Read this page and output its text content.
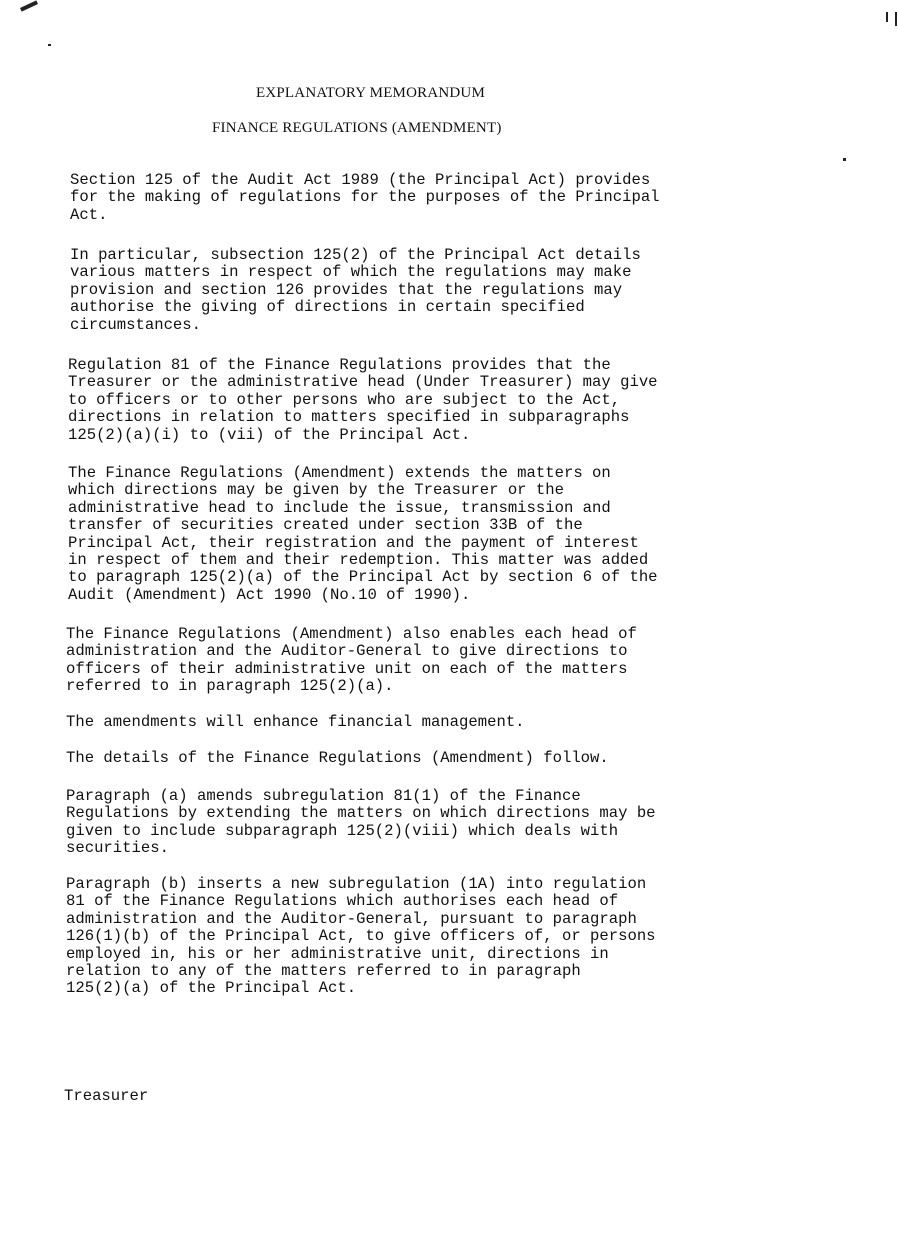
EXPLANATORY MEMORANDUM
FINANCE REGULATIONS (AMENDMENT)
Section 125 of the Audit Act 1989 (the Principal Act) provides
for the making of regulations for the purposes of the Principal
Act.
In particular, subsection 125(2) of the Principal Act details
various matters in respect of which the regulations may make
provision and section 126 provides that the regulations may
authorise the giving of directions in certain specified
circumstances.
Regulation 81 of the Finance Regulations provides that the
Treasurer or the administrative head (Under Treasurer) may give
to officers or to other persons who are subject to the Act,
directions in relation to matters specified in subparagraphs
125(2)(a)(i) to (vii) of the Principal Act.
The Finance Regulations (Amendment) extends the matters on
which directions may be given by the Treasurer or the
administrative head to include the issue, transmission and
transfer of securities created under section 33B of the
Principal Act, their registration and the payment of interest
in respect of them and their redemption. This matter was added
to paragraph 125(2)(a) of the Principal Act by section 6 of the
Audit (Amendment) Act 1990 (No.10 of 1990).
The Finance Regulations (Amendment) also enables each head of
administration and the Auditor-General to give directions to
officers of their administrative unit on each of the matters
referred to in paragraph 125(2)(a).
The amendments will enhance financial management.
The details of the Finance Regulations (Amendment) follow.
Paragraph (a) amends subregulation 81(1) of the Finance
Regulations by extending the matters on which directions may be
given to include subparagraph 125(2)(viii) which deals with
securities.
Paragraph (b) inserts a new subregulation (1A) into regulation
81 of the Finance Regulations which authorises each head of
administration and the Auditor-General, pursuant to paragraph
126(1)(b) of the Principal Act, to give officers of, or persons
employed in, his or her administrative unit, directions in
relation to any of the matters referred to in paragraph
125(2)(a) of the Principal Act.
Treasurer
